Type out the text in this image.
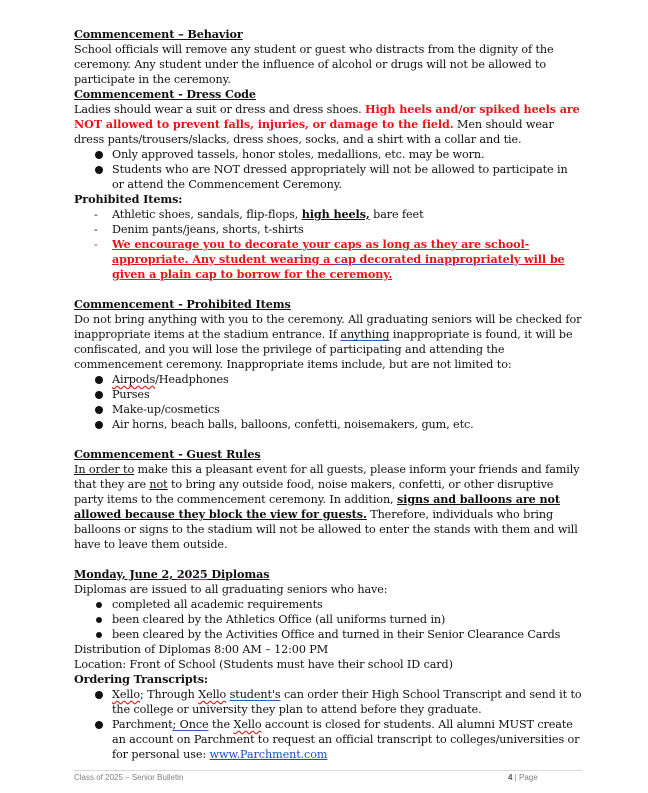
Commencement – Behavior

School officials will remove any student or guest who distracts from the dignity of the ceremony. Any student under the influence of alcohol or drugs will not be allowed to participate in the ceremony.

Commencement - Dress Code

Ladies should wear a suit or dress and dress shoes. High heels and/or spiked heels are NOT allowed to prevent falls, injuries, or damage to the field. Men should wear dress pants/trousers/slacks, dress shoes, socks, and a shirt with a collar and tie.

Only approved tassels, honor stoles, medallions, etc. may be worn.
Students who are NOT dressed appropriately will not be allowed to participate in or attend the Commencement Ceremony.

Prohibited Items:

- Athletic shoes, sandals, flip-flops, high heels, bare feet
- Denim pants/jeans, shorts, t-shirts
- We encourage you to decorate your caps as long as they are school-appropriate. Any student wearing a cap decorated inappropriately will be given a plain cap to borrow for the ceremony.

Commencement - Prohibited Items

Do not bring anything with you to the ceremony. All graduating seniors will be checked for inappropriate items at the stadium entrance. If anything inappropriate is found, it will be confiscated, and you will lose the privilege of participating and attending the commencement ceremony. Inappropriate items include, but are not limited to:

Airpods/Headphones
Purses
Make-up/cosmetics
Air horns, beach balls, balloons, confetti, noisemakers, gum, etc.

Commencement - Guest Rules

In order to make this a pleasant event for all guests, please inform your friends and family that they are not to bring any outside food, noise makers, confetti, or other disruptive party items to the commencement ceremony. In addition, signs and balloons are not allowed because they block the view for guests. Therefore, individuals who bring balloons or signs to the stadium will not be allowed to enter the stands with them and will have to leave them outside.

Monday, June 2, 2025 Diplomas

Diplomas are issued to all graduating seniors who have:

completed all academic requirements
been cleared by the Athletics Office (all uniforms turned in)
been cleared by the Activities Office and turned in their Senior Clearance Cards

Distribution of Diplomas 8:00 AM – 12:00 PM

Location: Front of School (Students must have their school ID card)

Ordering Transcripts:

Xello; Through Xello student's can order their High School Transcript and send it to the college or university they plan to attend before they graduate.
Parchment; Once the Xello account is closed for students. All alumni MUST create an account on Parchment to request an official transcript to colleges/universities or for personal use: www.Parchment.com
Class of 2025 – Senior Bulletin	4 | Page
